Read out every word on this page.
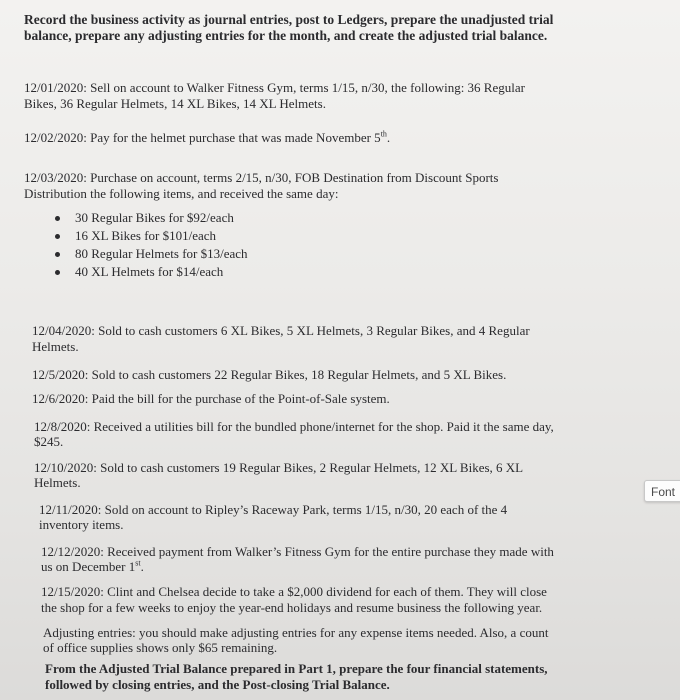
Record the business activity as journal entries, post to Ledgers, prepare the unadjusted trial balance, prepare any adjusting entries for the month, and create the adjusted trial balance.
12/01/2020: Sell on account to Walker Fitness Gym, terms 1/15, n/30, the following: 36 Regular
Bikes, 36 Regular Helmets, 14 XL Bikes, 14 XL Helmets.
12/02/2020: Pay for the helmet purchase that was made November 5th.
12/03/2020: Purchase on account, terms 2/15, n/30, FOB Destination from Discount Sports
Distribution the following items, and received the same day:
30 Regular Bikes for $92/each
16 XL Bikes for $101/each
80 Regular Helmets for $13/each
40 XL Helmets for $14/each
12/04/2020: Sold to cash customers 6 XL Bikes, 5 XL Helmets, 3 Regular Bikes, and 4 Regular
Helmets.
12/5/2020: Sold to cash customers 22 Regular Bikes, 18 Regular Helmets, and 5 XL Bikes.
12/6/2020: Paid the bill for the purchase of the Point-of-Sale system.
12/8/2020: Received a utilities bill for the bundled phone/internet for the shop. Paid it the same day,
$245.
12/10/2020: Sold to cash customers 19 Regular Bikes, 2 Regular Helmets, 12 XL Bikes, 6 XL
Helmets.
12/11/2020: Sold on account to Ripley’s Raceway Park, terms 1/15, n/30, 20 each of the 4
inventory items.
12/12/2020: Received payment from Walker’s Fitness Gym for the entire purchase they made with
us on December 1st.
12/15/2020: Clint and Chelsea decide to take a $2,000 dividend for each of them. They will close
the shop for a few weeks to enjoy the year-end holidays and resume business the following year.
Adjusting entries: you should make adjusting entries for any expense items needed. Also, a count
of office supplies shows only $65 remaining.
From the Adjusted Trial Balance prepared in Part 1, prepare the four financial statements,
followed by closing entries, and the Post-closing Trial Balance.
Font
